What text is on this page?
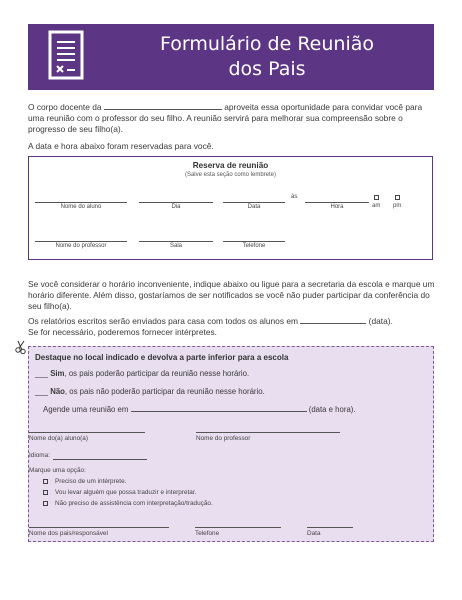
Formulário de Reunião
dos Pais
O corpo docente da	aproveita essa oportunidade para convidar você para uma reunião com o professor do seu filho. A reunião servirá para melhorar sua compreensão sobre o progresso de seu filho(a).
A data e hora abaixo foram reservadas para você.
Reserva de reunião
(Salve esta seção como lembrete)
Nome do aluno	Dia	Data
às
Hora	am pm
Nome do professor	Sala	Telefone
Se você considerar o horário inconveniente, indique abaixo ou ligue para a secretaria da escola e marque um horário diferente. Além disso, gostaríamos de ser notificados se você não puder participar da conferência do seu filho(a).
Os relatórios escritos serão enviados para casa com todos os alunos em	(data).
Se for necessário, poderemos fornecer intérpretes.
Destaque no local indicado e devolva a parte inferior para a escola
___ Sim, os pais poderão participar da reunião nesse horário.
___ Não, os pais não poderão participar da reunião nesse horário.
Agende uma reunião em	(data e hora).
Nome do(a) aluno(a)	Nome do professor
Idioma:
Marque uma opção:
Preciso de um intérprete.
Vou levar alguém que possa traduzir e interpretar.
Não preciso de assistência com interpretação/tradução.
Nome dos pais/responsável	Telefone	Data
